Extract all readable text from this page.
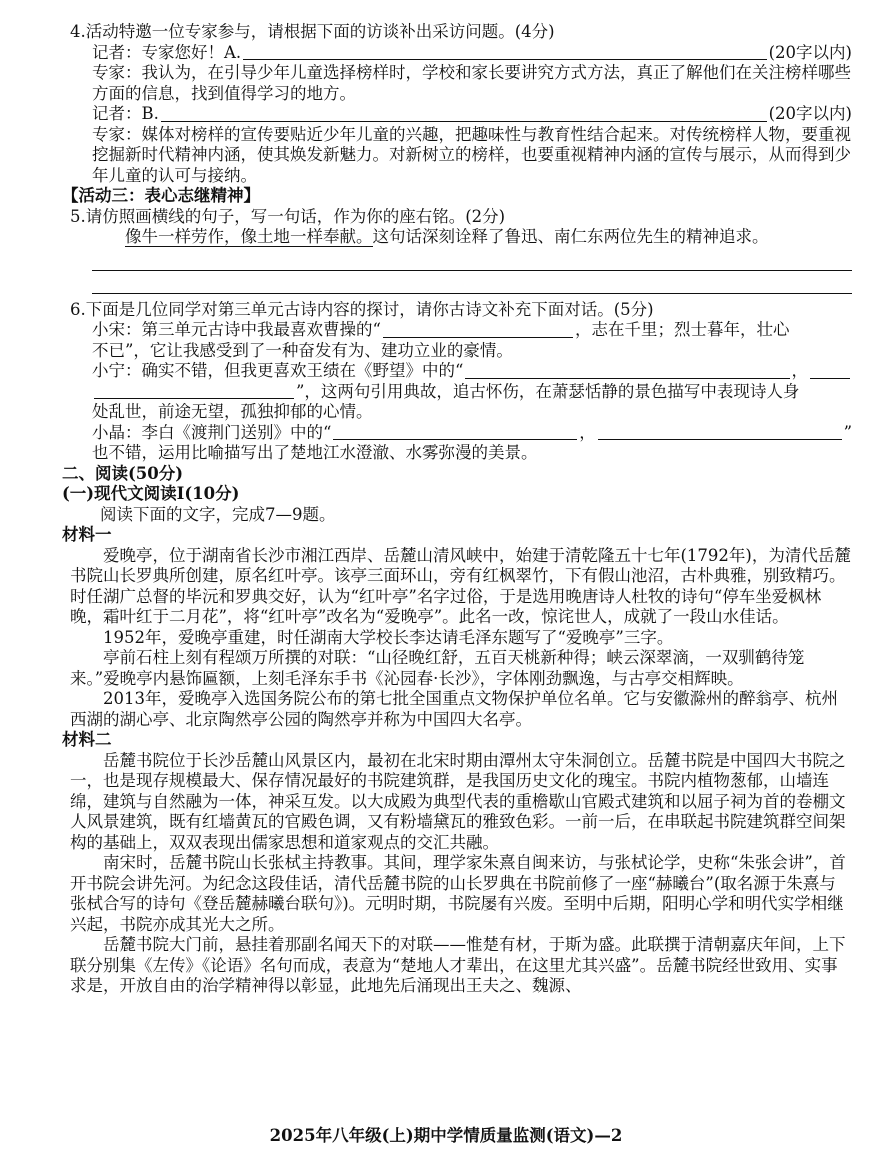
4.活动特邀一位专家参与，请根据下面的访谈补出采访问题。(4分)

记者：专家您好！A.	(20字以内)

专家：我认为，在引导少年儿童选择榜样时，学校和家长要讲究方式方法，真正了解他们在关注榜样哪些方面的信息，找到值得学习的地方。

记者：B.	(20字以内)

专家：媒体对榜样的宣传要贴近少年儿童的兴趣，把趣味性与教育性结合起来。对传统榜样人物，要重视挖掘新时代精神内涵，使其焕发新魅力。对新树立的榜样，也要重视精神内涵的宣传与展示，从而得到少年儿童的认可与接纳。

【活动三：表心志继精神】

5.请仿照画横线的句子，写一句话，作为你的座右铭。(2分)

像牛一样劳作，像土地一样奉献。这句话深刻诠释了鲁迅、南仁东两位先生的精神追求。

6.下面是几位同学对第三单元古诗内容的探讨，请你古诗文补充下面对话。(5分)

小宋：第三单元古诗中我最喜欢曹操的“	，志在千里；烈士暮年，壮心

不已”，它让我感受到了一种奋发有为、建功立业的豪情。

小宁：确实不错，但我更喜欢王绩在《野望》中的“	，
”，这两句引用典故，追古怀伤，在萧瑟恬静的景色描写中表现诗人身

处乱世，前途无望，孤独抑郁的心情。

小晶：李白《渡荆门送别》中的“	，	”

也不错，运用比喻描写出了楚地江水澄澈、水雾弥漫的美景。

二、阅读(50分)

(一)现代文阅读Ⅰ(10分)

阅读下面的文字，完成7—9题。

材料一

爱晚亭，位于湖南省长沙市湘江西岸、岳麓山清风峡中，始建于清乾隆五十七年(1792年)，为清代岳麓书院山长罗典所创建，原名红叶亭。该亭三面环山，旁有红枫翠竹，下有假山池沼，古朴典雅，别致精巧。时任湖广总督的毕沅和罗典交好，认为“红叶亭”名字过俗，于是选用晚唐诗人杜牧的诗句“停车坐爱枫林晚，霜叶红于二月花”，将“红叶亭”改名为“爱晚亭”。此名一改，惊诧世人，成就了一段山水佳话。

1952年，爱晚亭重建，时任湖南大学校长李达请毛泽东题写了“爱晚亭”三字。

亭前石柱上刻有程颂万所撰的对联：“山径晚红舒，五百天桃新种得；峡云深翠滴，一双驯鹤待笼来。”爱晚亭内悬饰匾额，上刻毛泽东手书《沁园春·长沙》，字体刚劲飘逸，与古亭交相辉映。

2013年，爱晚亭入选国务院公布的第七批全国重点文物保护单位名单。它与安徽滁州的醉翁亭、杭州西湖的湖心亭、北京陶然亭公园的陶然亭并称为中国四大名亭。

材料二

岳麓书院位于长沙岳麓山风景区内，最初在北宋时期由潭州太守朱洞创立。岳麓书院是中国四大书院之一，也是现存规模最大、保存情况最好的书院建筑群，是我国历史文化的瑰宝。书院内植物葱郁，山墙连绵，建筑与自然融为一体，神采互发。以大成殿为典型代表的重檐歇山官殿式建筑和以屈子祠为首的卷棚文人风景建筑，既有红墙黄瓦的官殿色调，又有粉墙黛瓦的雅致色彩。一前一后，在串联起书院建筑群空间架构的基础上，双双表现出儒家思想和道家观点的交汇共融。

南宋时，岳麓书院山长张栻主持教事。其间，理学家朱熹自闽来访，与张栻论学，史称“朱张会讲”，首开书院会讲先河。为纪念这段佳话，清代岳麓书院的山长罗典在书院前修了一座“赫曦台”(取名源于朱熹与张栻合写的诗句《登岳麓赫曦台联句》)。元明时期，书院屡有兴废。至明中后期，阳明心学和明代实学相继兴起，书院亦成其光大之所。

岳麓书院大门前，悬挂着那副名闻天下的对联——惟楚有材，于斯为盛。此联撰于清朝嘉庆年间，上下联分别集《左传》《论语》名句而成，表意为“楚地人才辈出，在这里尤其兴盛”。岳麓书院经世致用、实事求是，开放自由的治学精神得以彰显，此地先后涌现出王夫之、魏源、

2025年八年级(上)期中学情质量监测(语文)—2
